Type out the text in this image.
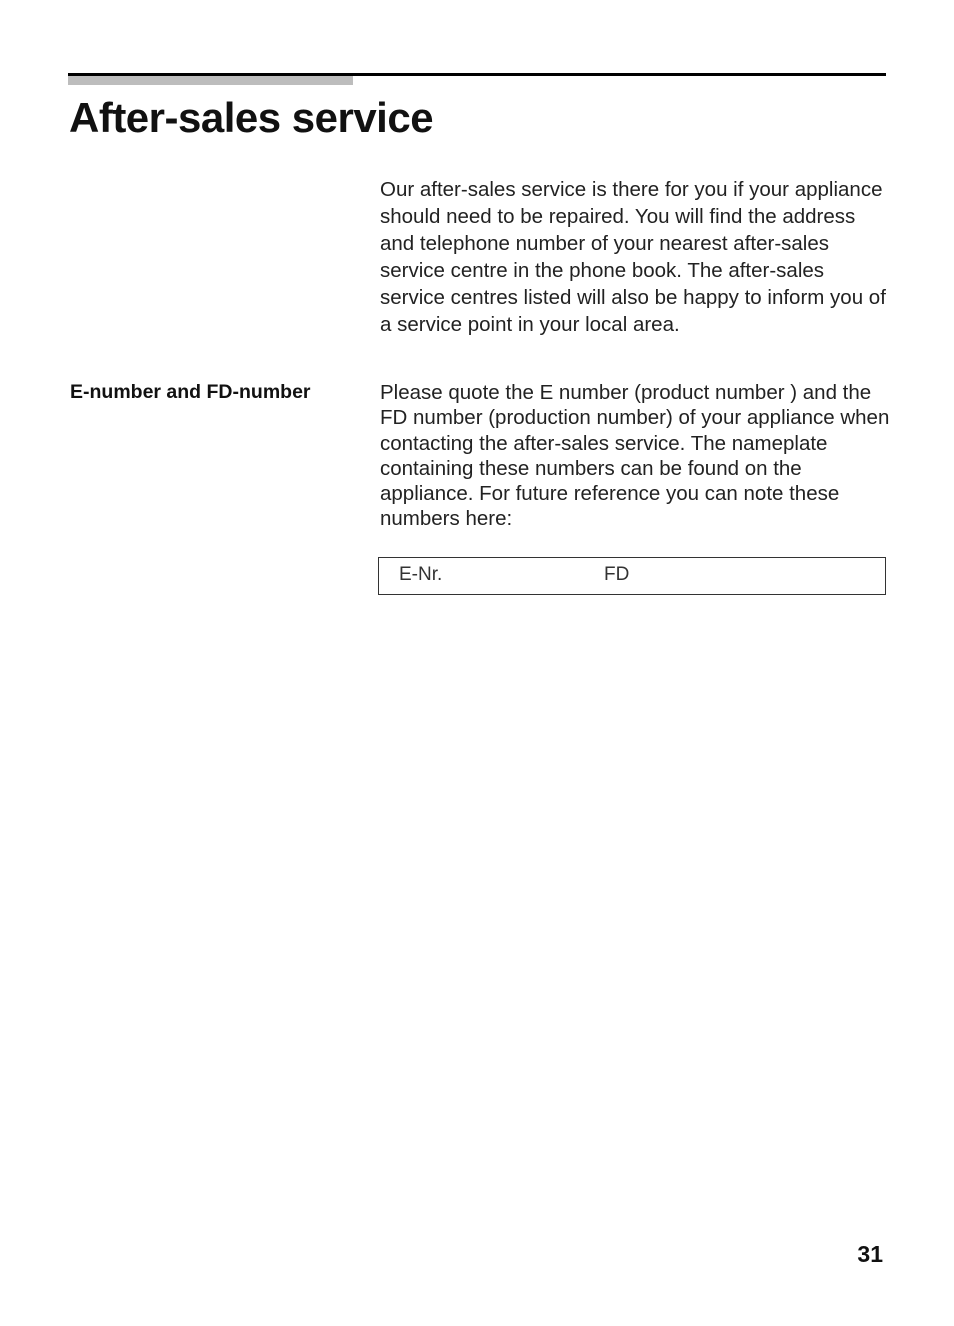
After-sales service

Our after-sales service is there for you if your appliance should need to be repaired. You will find the address and telephone number of your nearest after-sales service centre in the phone book. The after-sales service centres listed will also be happy to inform you of a service point in your local area.

E-number and FD-number	Please quote the E number (product number ) and the FD number (production number) of your appliance when contacting the after-sales service. The nameplate containing these numbers can be found on the appliance. For future reference you can note these numbers here:

E-Nr.	FD
31
